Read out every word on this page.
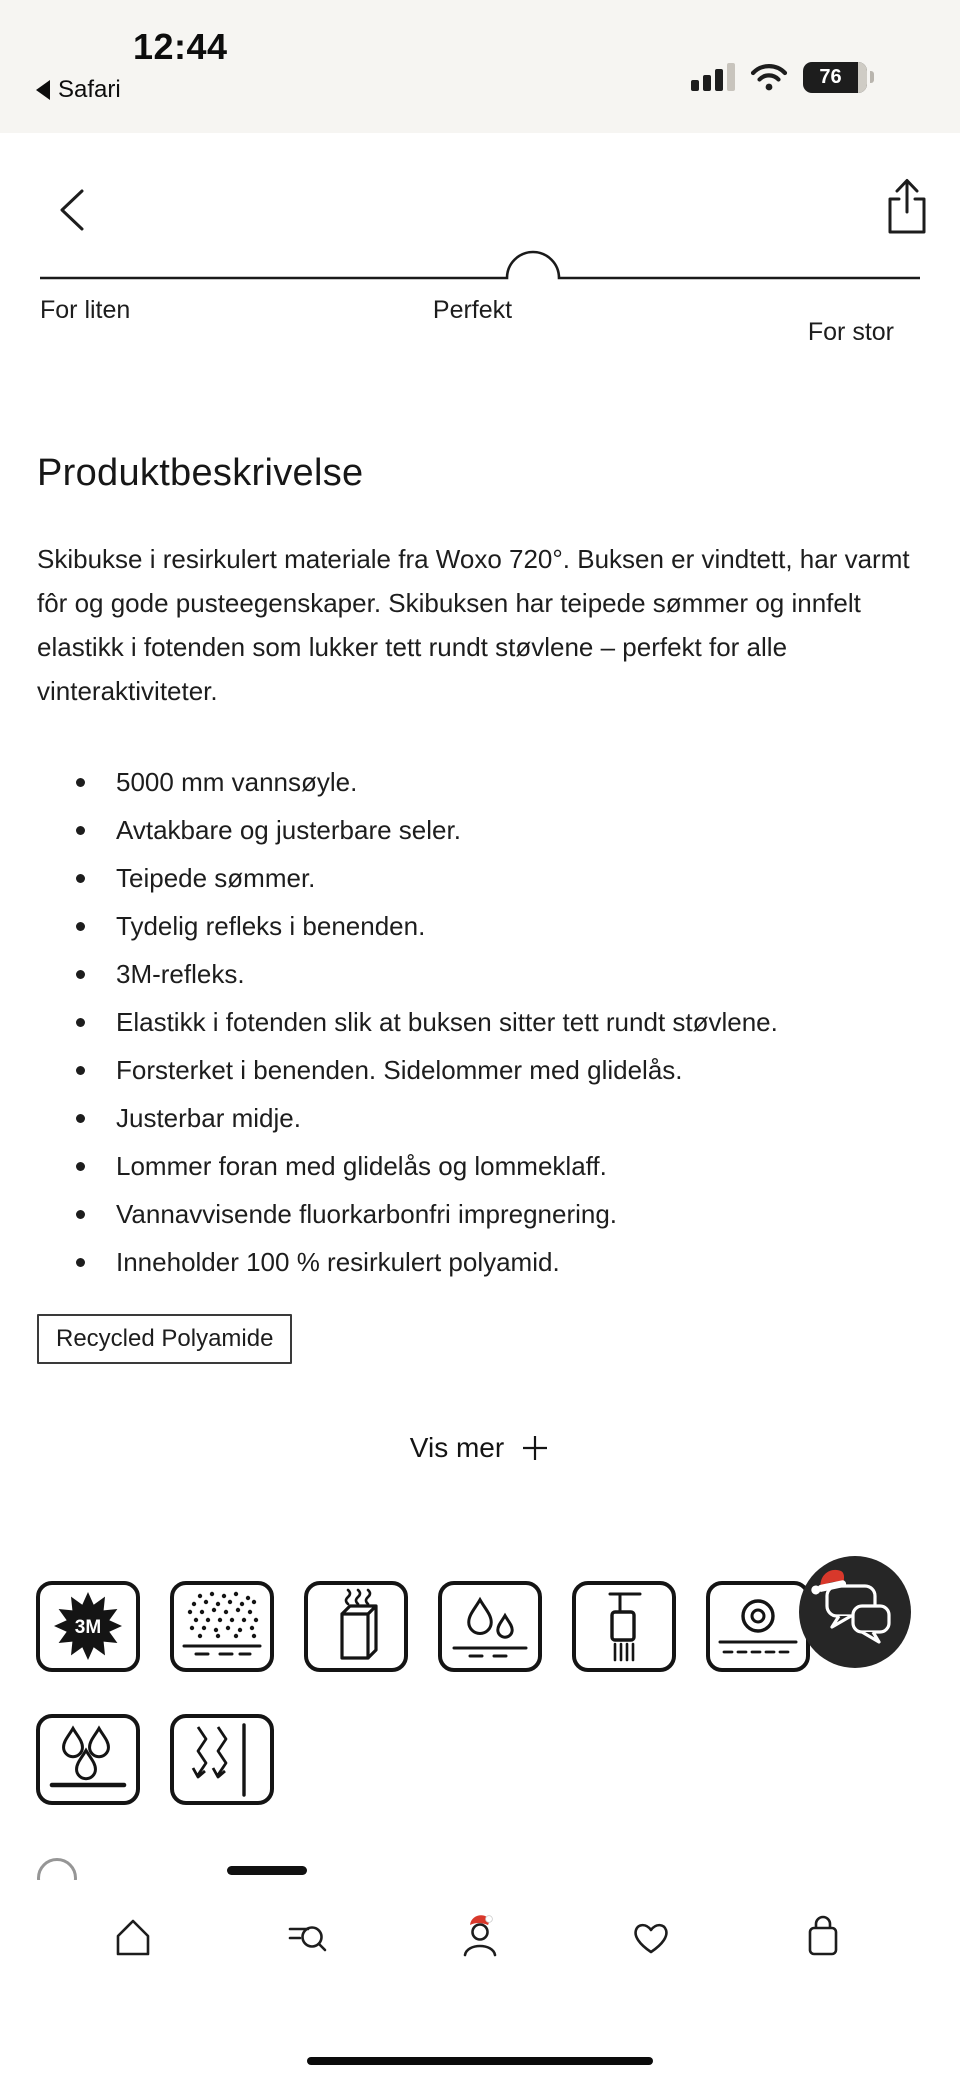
12:44
Safari	76
For liten	Perfekt
For stor
Produktbeskrivelse

Skibukse i resirkulert materiale fra Woxo 720°. Buksen er vindtett, har varmt fôr og gode pusteegenskaper. Skibuksen har teipede sømmer og innfelt elastikk i fotenden som lukker tett rundt støvlene – perfekt for alle vinteraktiviteter.

5000 mm vannsøyle.
Avtakbare og justerbare seler.
Teipede sømmer.
Tydelig refleks i benenden.
3M-refleks.
Elastikk i fotenden slik at buksen sitter tett rundt støvlene.
Forsterket i benenden. Sidelommer med glidelås.
Justerbar midje.
Lommer foran med glidelås og lommeklaff.
Vannavvisende fluorkarbonfri impregnering.
Inneholder 100 % resirkulert polyamid.
Recycled Polyamide
Vis mer
3M
